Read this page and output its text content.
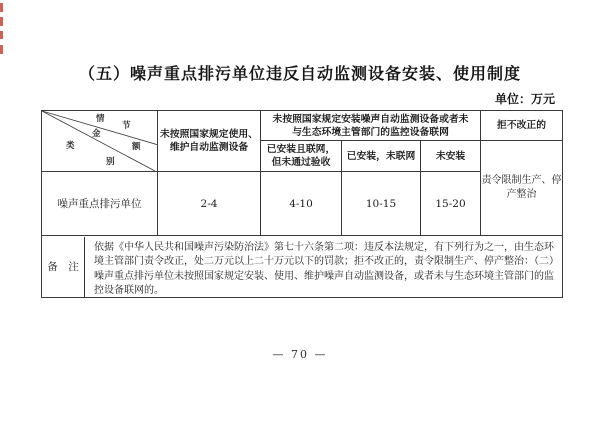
（五）噪声重点排污单位违反自动监测设备安装、使用制度
单位：万元
情
节
金
额
类
别
	未按照国家规定使用、维护自动监测设备	未按照国家规定安装噪声自动监测设备或者未与生态环境主管部门的监控设备联网	拒不改正的
		已安装且联网，但未通过验收	已安装，未联网	未安装	责令限制生产、停产整治
噪声重点排污单位	2-4	4-10	10-15	15-20	

备　注
依据《中华人民共和国噪声污染防治法》第七十六条第二项：违反本法规定，有下列行为之一，由生态环境主管部门责令改正，处二万元以上二十万元以下的罚款；拒不改正的，责令限制生产、停产整治：（二）噪声重点排污单位未按照国家规定安装、使用、维护噪声自动监测设备，或者未与生态环境主管部门的监控设备联网的。					
— 70 —
